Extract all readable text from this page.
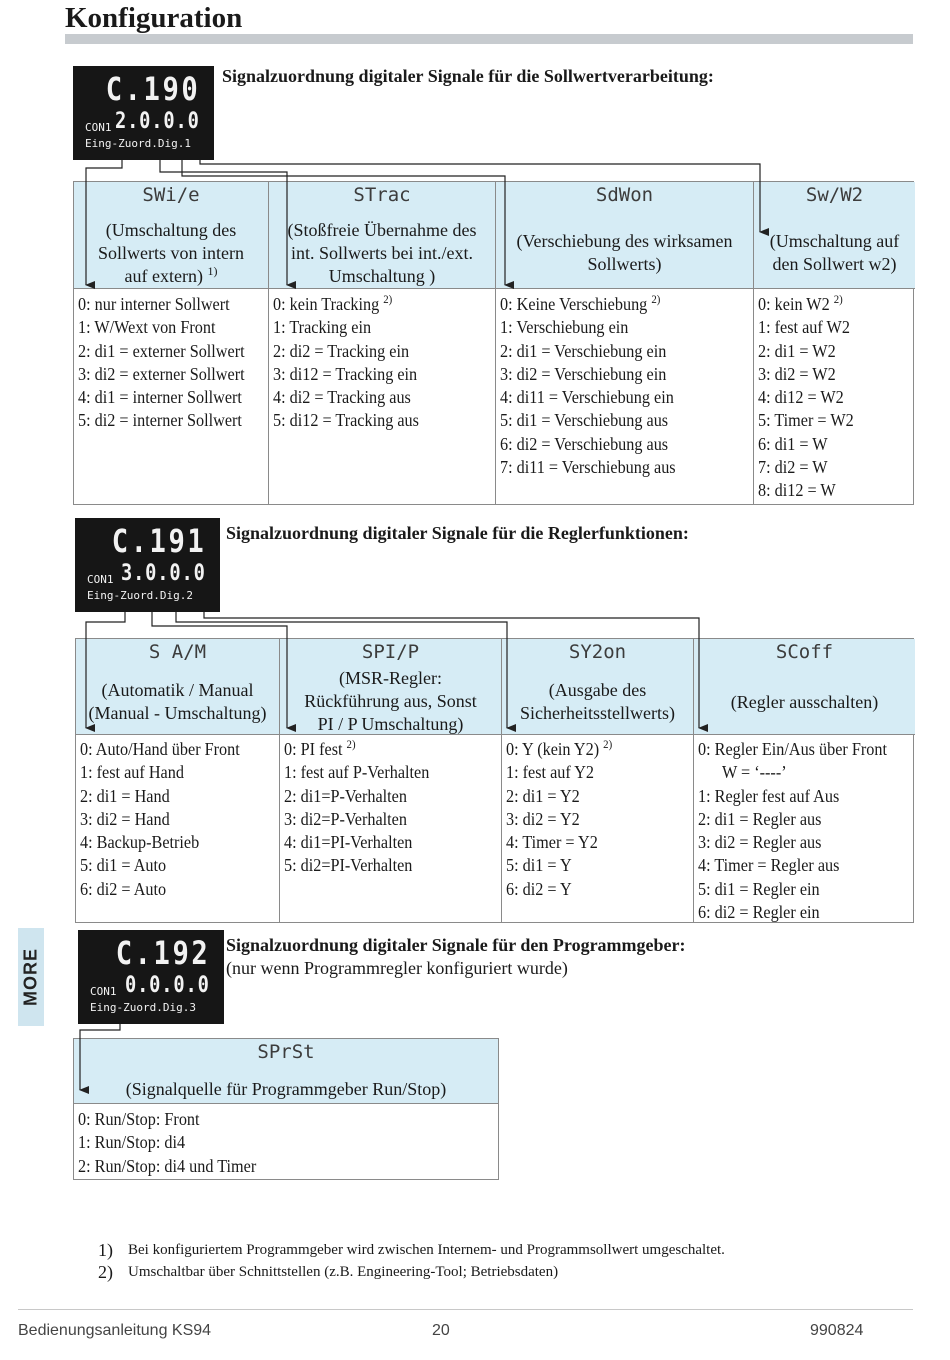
Konfiguration
C.190
CON1 2.0.0.0
Eing-Zuord.Dig.1
Signalzuordnung digitaler Signale für die Sollwertverarbeitung:
SWi/e
(Umschaltung des
Sollwerts von intern
auf extern) $^{1)}$
0: nur interner Sollwert
1: W/Wext von Front
2: di1 = externer Sollwert
3: di2 = externer Sollwert
4: di1 = interner Sollwert
5: di2 = interner Sollwert
STrac
(Stoßfreie Übernahme des
int. Sollwerts bei int./ext.
Umschaltung )
0: kein Tracking $^{2)}$
1: Tracking ein
2: di2 = Tracking ein
3: di12 = Tracking ein
4: di2 = Tracking aus
5: di12 = Tracking aus
SdWon
(Verschiebung des wirksamen
Sollwerts)
0: Keine Verschiebung $^{2)}$
1: Verschiebung ein
2: di1 = Verschiebung ein
3: di2 = Verschiebung ein
4: di11 = Verschiebung ein
5: di1 = Verschiebung aus
6: di2 = Verschiebung aus
7: di11 = Verschiebung aus
Sw/W2
(Umschaltung auf
den Sollwert w2)
0: kein W2 $^{2)}$
1: fest auf W2
2: di1 = W2
3: di2 = W2
4: di12 = W2
5: Timer = W2
6: di1 = W
7: di2 = W
8: di12 = W
C.191
CON1 3.0.0.0
Eing-Zuord.Dig.2
Signalzuordnung digitaler Signale für die Reglerfunktionen:
S A/M
(Automatik / Manual
(Manual - Umschaltung)
0: Auto/Hand über Front
1: fest auf Hand
2: di1 = Hand
3: di2 = Hand
4: Backup-Betrieb
5: di1 = Auto
6: di2 = Auto
SPI/P
(MSR-Regler:
Rückführung aus, Sonst
PI / P Umschaltung)
0: PI fest $^{2)}$
1: fest auf P-Verhalten
2: di1=P-Verhalten
3: di2=P-Verhalten
4: di1=PI-Verhalten
5: di2=PI-Verhalten
SY2on
(Ausgabe des
Sicherheitsstellwerts)
0: Y (kein Y2) $^{2)}$
1: fest auf Y2
2: di1 = Y2
3: di2 = Y2
4: Timer = Y2
5: di1 = Y
6: di2 = Y
SCoff
(Regler ausschalten)
0: Regler Ein/Aus über Front
W = ‘----’
1: Regler fest auf Aus
2: di1 = Regler aus
3: di2 = Regler aus
4: Timer = Regler aus
5: di1 = Regler ein
6: di2 = Regler ein
MORE C.192
CON1 0.0.0.0
Eing-Zuord.Dig.3
Signalzuordnung digitaler Signale für den Programmgeber:
(nur wenn Programmregler konfiguriert wurde)
SPrSt
(Signalquelle für Programmgeber Run/Stop)
0: Run/Stop: Front
1: Run/Stop: di4
2: Run/Stop: di4 und Timer
1) Bei konfiguriertem Programmgeber wird zwischen Internem- und Programmsollwert umgeschaltet.
2) Umschaltbar über Schnittstellen (z.B. Engineering-Tool; Betriebsdaten)
Bedienungsanleitung KS94	20	990824
